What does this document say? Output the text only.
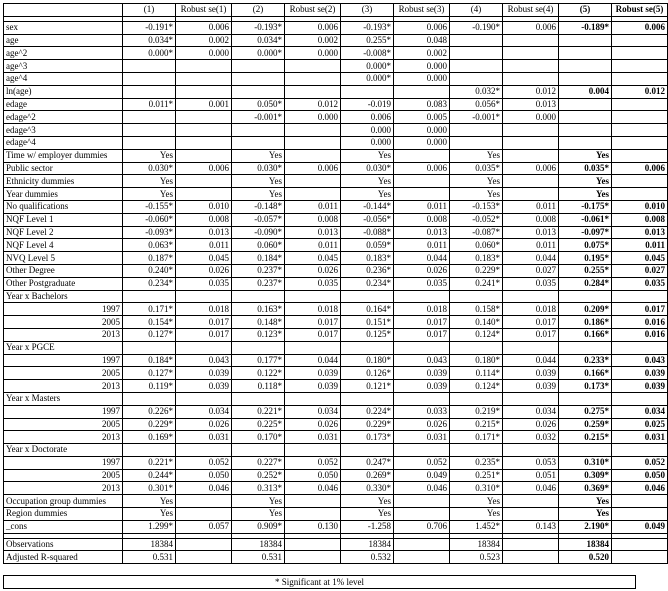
	(1)	Robust se(1)	(2)	Robust se(2)	(3)	Robust se(3)	(4)	Robust se(4)	(5)	Robust se(5)

sex	-0.191*	0.006	-0.193*	0.006	-0.193*	0.006	-0.190*	0.006	-0.189*	0.006
age	0.034*	0.002	0.034*	0.002	0.255*	0.048				
age^2	0.000*	0.000	0.000*	0.000	-0.008*	0.002				
age^3					0.000*	0.000				
age^4					0.000*	0.000				
ln(age)							0.032*	0.012	0.004	0.012
edage	0.011*	0.001	0.050*	0.012	-0.019	0.083	0.056*	0.013		
edage^2			-0.001*	0.000	0.006	0.005	-0.001*	0.000		
edage^3					0.000	0.000				
edage^4					0.000	0.000				
Time w/ employer dummies	Yes		Yes		Yes		Yes		Yes	
Public sector	0.030*	0.006	0.030*	0.006	0.030*	0.006	0.035*	0.006	0.035*	0.006
Ethnicity dummies	Yes		Yes		Yes		Yes		Yes	
Year dummies	Yes		Yes		Yes		Yes		Yes	
No qualifications	-0.155*	0.010	-0.148*	0.011	-0.144*	0.011	-0.153*	0.011	-0.175*	0.010
NQF Level 1	-0.060*	0.008	-0.057*	0.008	-0.056*	0.008	-0.052*	0.008	-0.061*	0.008
NQF Level 2	-0.093*	0.013	-0.090*	0.013	-0.088*	0.013	-0.087*	0.013	-0.097*	0.013
NQF Level 4	0.063*	0.011	0.060*	0.011	0.059*	0.011	0.060*	0.011	0.075*	0.011
NVQ Level 5	0.187*	0.045	0.184*	0.045	0.183*	0.044	0.183*	0.044	0.195*	0.045
Other Degree	0.240*	0.026	0.237*	0.026	0.236*	0.026	0.229*	0.027	0.255*	0.027
Other Postgraduate	0.234*	0.035	0.237*	0.035	0.234*	0.035	0.241*	0.035	0.284*	0.035
Year x Bachelors										
1997	0.171*	0.018	0.163*	0.018	0.164*	0.018	0.158*	0.018	0.209*	0.017
2005	0.154*	0.017	0.148*	0.017	0.151*	0.017	0.140*	0.017	0.186*	0.016
2013	0.127*	0.017	0.123*	0.017	0.125*	0.017	0.124*	0.017	0.166*	0.016
Year x PGCE										
1997	0.184*	0.043	0.177*	0.044	0.180*	0.043	0.180*	0.044	0.233*	0.043
2005	0.127*	0.039	0.122*	0.039	0.126*	0.039	0.114*	0.039	0.166*	0.039
2013	0.119*	0.039	0.118*	0.039	0.121*	0.039	0.124*	0.039	0.173*	0.039
Year x Masters										
1997	0.226*	0.034	0.221*	0.034	0.224*	0.033	0.219*	0.034	0.275*	0.034
2005	0.229*	0.026	0.225*	0.026	0.229*	0.026	0.215*	0.026	0.259*	0.025
2013	0.169*	0.031	0.170*	0.031	0.173*	0.031	0.171*	0.032	0.215*	0.031
Year x Doctorate										
1997	0.221*	0.052	0.227*	0.052	0.247*	0.052	0.235*	0.053	0.310*	0.052
2005	0.244*	0.050	0.252*	0.050	0.269*	0.049	0.251*	0.051	0.309*	0.050
2013	0.301*	0.046	0.313*	0.046	0.330*	0.046	0.310*	0.046	0.369*	0.046
Occupation group dummies	Yes		Yes		Yes		Yes		Yes	
Region dummies	Yes		Yes		Yes		Yes		Yes	
_cons	1.299*	0.057	0.909*	0.130	-1.258	0.706	1.452*	0.143	2.190*	0.049

Observations	18384		18384		18384		18384		18384	
Adjusted R-squared	0.531		0.531		0.532		0.523		0.520	
* Significant at 1% level
